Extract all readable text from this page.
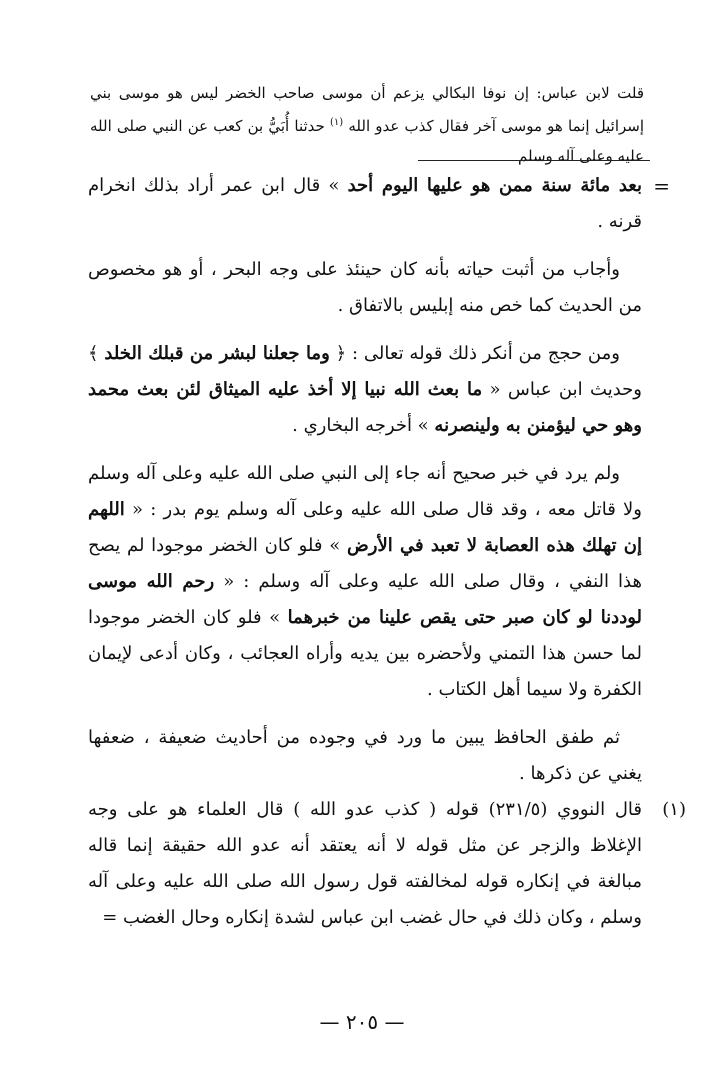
قلت لابن عباس: إن نوفا البكالي يزعم أن موسى صاحب الخضر ليس هو موسى بني إسرائيل إنما هو موسى آخر فقال كذب عدو الله $^{(١)}$ حدثنا أُبَيُّ بن كعب عن النبي صلى الله عليه وعلى آله وسلم
=

بعد مائة سنة ممن هو عليها اليوم أحد » قال ابن عمر أراد بذلك انخرام قرنه .

وأجاب من أثبت حياته بأنه كان حينئذ على وجه البحر ، أو هو مخصوص من الحديث كما خص منه إبليس بالاتفاق .

ومن حجج من أنكر ذلك قوله تعالى : ﴿ وما جعلنا لبشر من قبلك الخلد ﴾ وحديث ابن عباس « ما بعث الله نبيا إلا أخذ عليه الميثاق لئن بعث محمد وهو حي ليؤمنن به ولينصرنه » أخرجه البخاري .

ولم يرد في خبر صحيح أنه جاء إلى النبي صلى الله عليه وعلى آله وسلم ولا قاتل معه ، وقد قال صلى الله عليه وعلى آله وسلم يوم بدر : « اللهم إن تهلك هذه العصابة لا تعبد في الأرض » فلو كان الخضر موجودا لم يصح هذا النفي ، وقال صلى الله عليه وعلى آله وسلم : « رحم الله موسى لوددنا لو كان صبر حتى يقص علينا من خبرهما » فلو كان الخضر موجودا لما حسن هذا التمني ولأحضره بين يديه وأراه العجائب ، وكان أدعى لإيمان الكفرة ولا سيما أهل الكتاب .

ثم طفق الحافظ يبين ما ورد في وجوده من أحاديث ضعيفة ، ضعفها يغني عن ذكرها .

(١)

قال النووي (٢٣١/٥) قوله ( كذب عدو الله ) قال العلماء هو على وجه الإغلاظ والزجر عن مثل قوله لا أنه يعتقد أنه عدو الله حقيقة إنما قاله مبالغة في إنكاره قوله لمخالفته قول رسول الله صلى الله عليه وعلى آله وسلم ، وكان ذلك في حال غضب ابن عباس لشدة إنكاره وحال الغضب =

— ٢٠٥ —
